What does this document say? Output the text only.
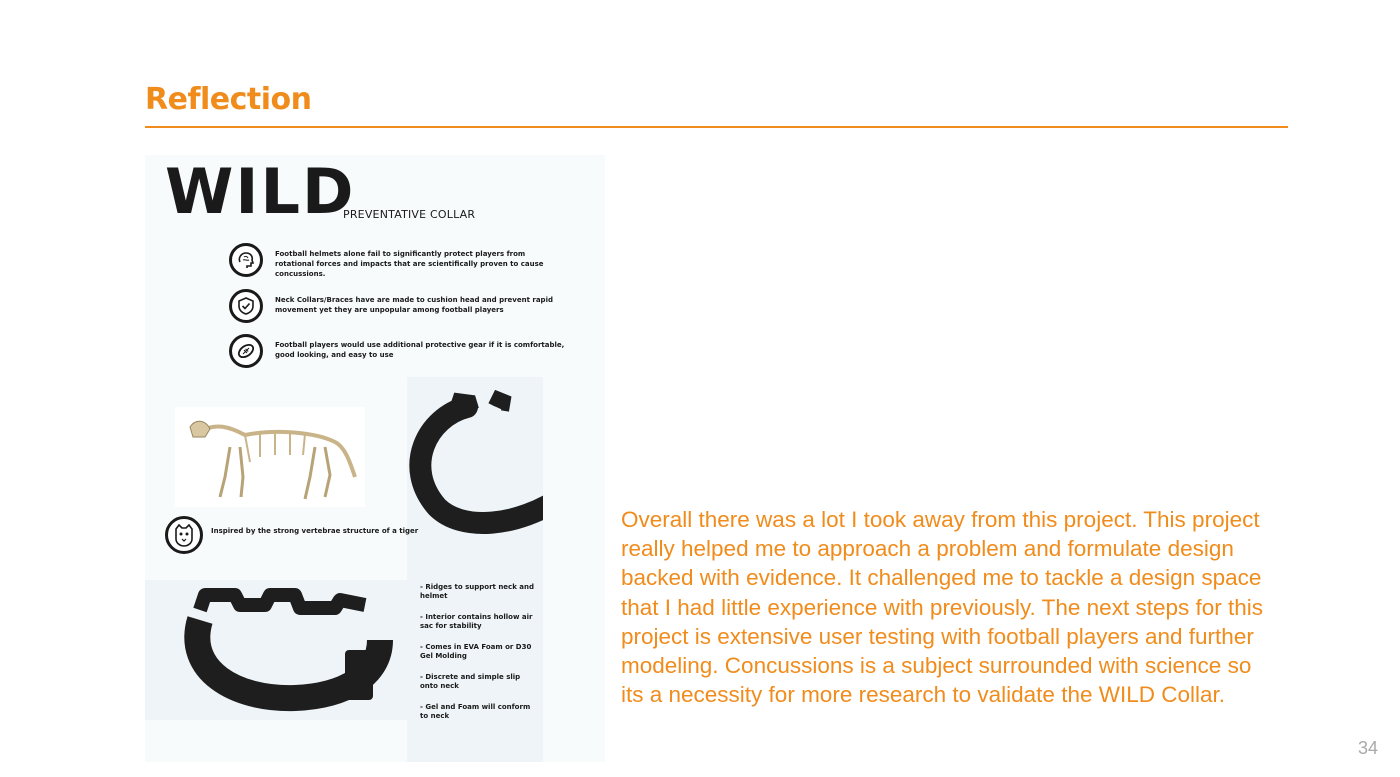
Reflection
WILD
PREVENTATIVE COLLAR
Football helmets alone fail to significantly protect players from rotational forces and impacts that are scientifically proven to cause concussions.
Neck Collars/Braces have are made to cushion head and prevent rapid movement yet they are unpopular among football players
Football players would use additional protective gear if it is comfortable, good looking, and easy to use
Inspired by the strong vertebrae structure of a tiger
- Ridges to support neck and helmet
- Interior contains hollow air sac for stability
- Comes in EVA Foam or D30 Gel Molding
- Discrete and simple slip onto neck
- Gel and Foam will conform to neck
Overall there was a lot I took away from this project. This project really helped me to approach a problem and formulate design backed with evidence. It challenged me to tackle a design space that I had little experience with previously. The next steps for this project is extensive user testing with football players and further modeling. Concussions is a subject surrounded with science so its a necessity for more research to validate the WILD Collar.
34
